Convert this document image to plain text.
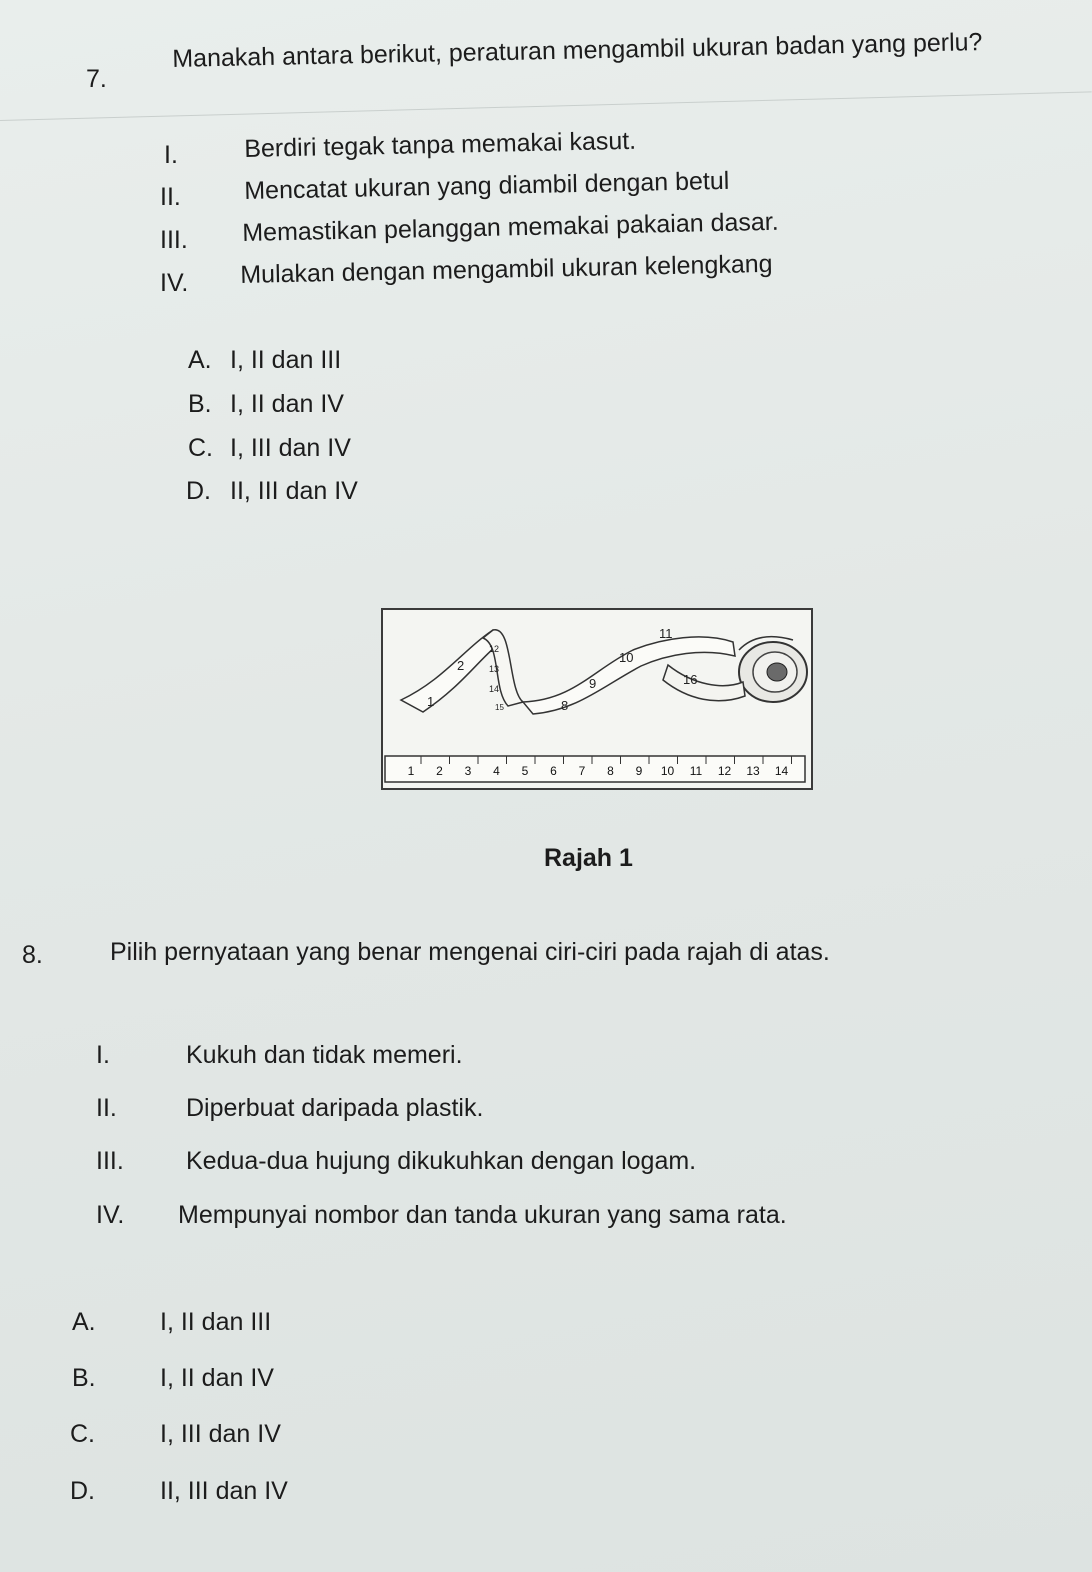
7.
Manakah antara berikut, peraturan mengambil ukuran badan yang perlu?
I.	Berdiri tegak tanpa memakai kasut.
II.	Mencatat ukuran yang diambil dengan betul
III. Memastikan pelanggan memakai pakaian dasar.
IV. Mulakan dengan mengambil ukuran kelengkang
A. I, II dan III
B. I, II dan IV
C. I, III dan IV
D. II, III dan IV
1
2
8
9
10
11
12
13
14
15
16
1 2 3 4 5 6 7 8 9 10 11 12 13 14
Rajah 1
8.	Pilih pernyataan yang benar mengenai ciri-ciri pada rajah di atas.
I.	Kukuh dan tidak memeri.
II.	Diperbuat daripada plastik.
III. Kedua-dua hujung dikukuhkan dengan logam.
IV. Mempunyai nombor dan tanda ukuran yang sama rata.
A.	I, II dan III
B.	I, II dan IV
C.	I, III dan IV
D.	II, III dan IV
